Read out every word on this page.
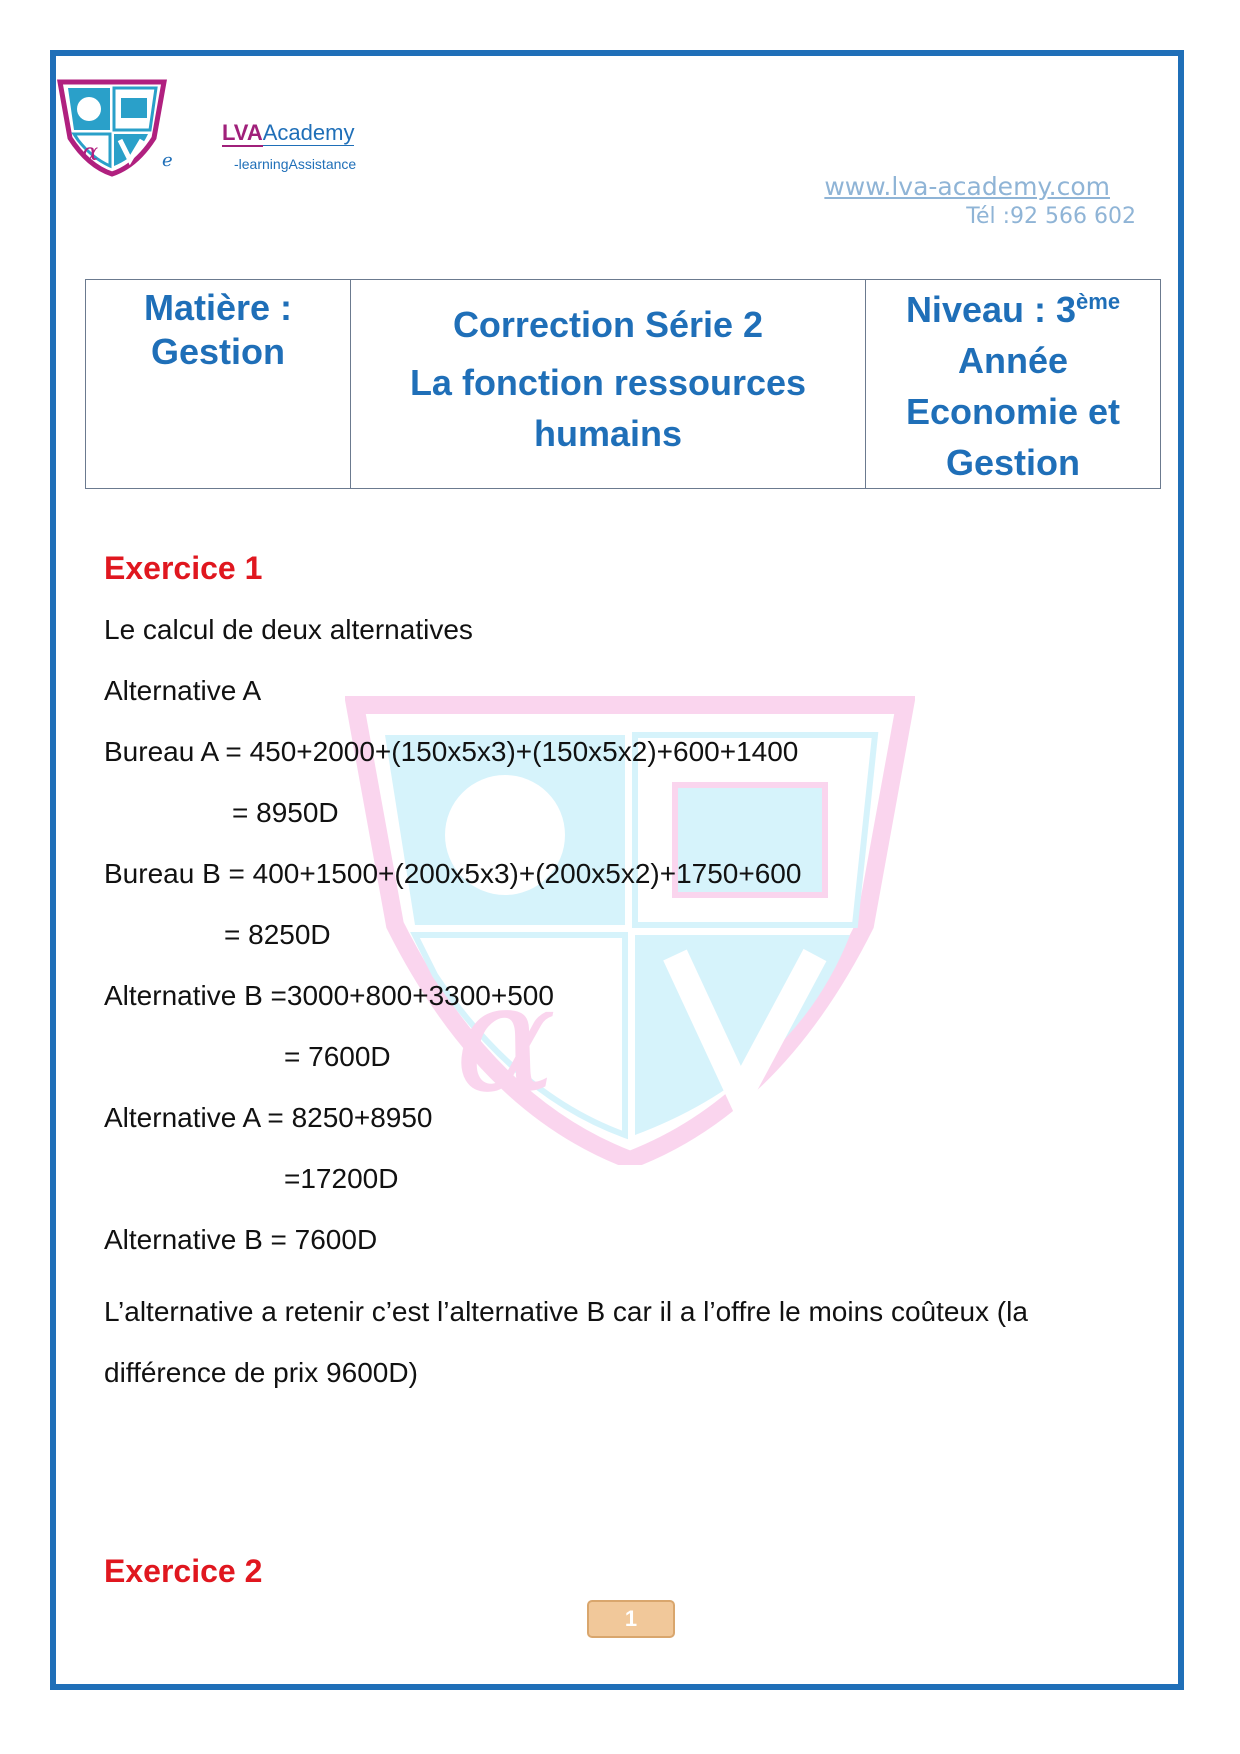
α	e
LVAAcademy
-learningAssistance
www.lva-academy.com
Tél :92 566 602
Matière :
Gestion

Correction Série 2
La fonction ressources
humains

Niveau : 3ème
Année
Economie et
Gestion
α
Exercice 1
Le calcul de deux alternatives
Alternative A
Bureau A = 450+2000+(150x5x3)+(150x5x2)+600+1400
= 8950D
Bureau B = 400+1500+(200x5x3)+(200x5x2)+1750+600
= 8250D
Alternative B =3000+800+3300+500
= 7600D
Alternative A = 8250+8950
=17200D
Alternative B = 7600D
L’alternative a retenir c’est l’alternative B car il a l’offre le moins coûteux (la différence de prix 9600D)
Exercice 2
1
